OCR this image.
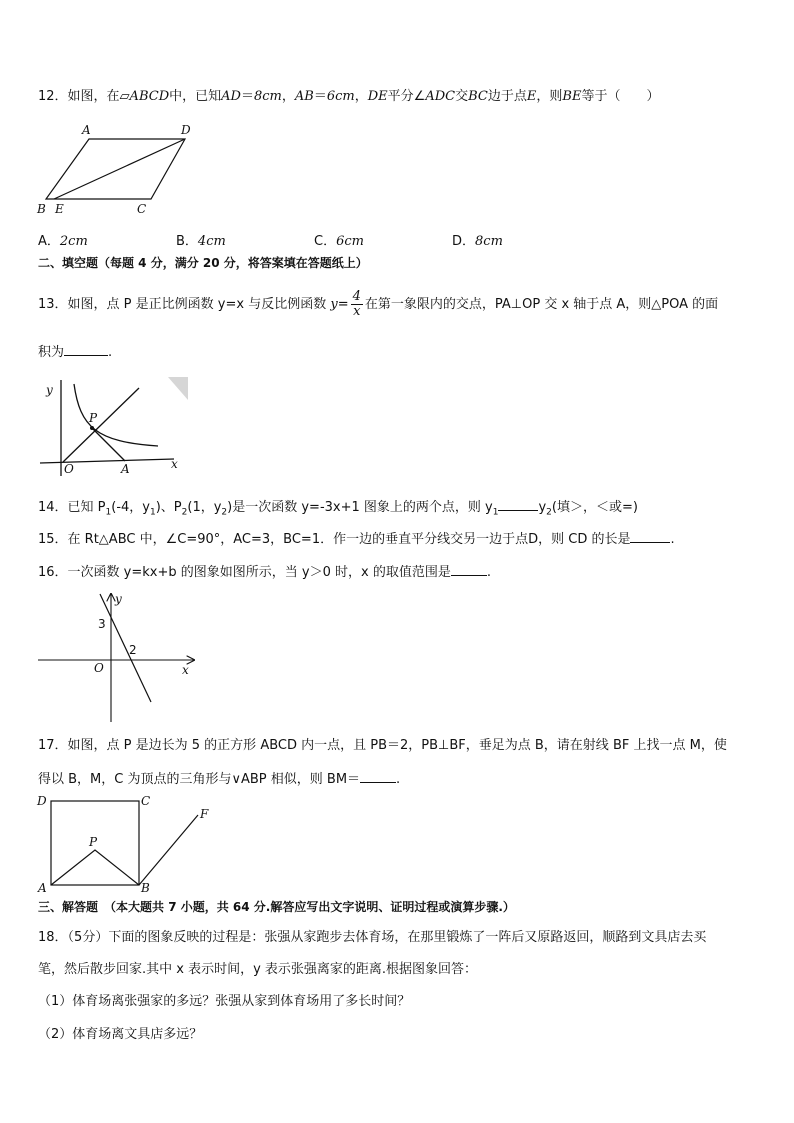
12．如图，在▱ABCD中，已知AD＝8cm，AB＝6cm，DE平分∠ADC交BC边于点E，则BE等于（　　）
A	D
B E	C
A．2cm	B．4cm	C．6cm	D．8cm
二、填空题（每题 4 分，满分 20 分，将答案填在答题纸上）
13．如图，点 P 是正比例函数 y=x 与反比例函数 $y= \frac{4}{x}$ 在第一象限内的交点，PA⊥OP 交 x 轴于点 A，则△POA 的面
积为	.
y
P
O	A	x
14．已知 $P_1(-4$，$y_1$)、$P_2(1$，$y_2$)是一次函数 y=-3x+1 图象上的两个点，则 $y_1$	$y_2$(填＞，＜或=)
15．在 Rt△ABC 中，∠C=90°，AC=3，BC=1．作一边的垂直平分线交另一边于点D，则 CD 的长是	.
16．一次函数 y=kx+b 的图象如图所示，当 y＞0 时，x 的取值范围是	.
y
3
2
O	x
17．如图，点 P 是边长为 5 的正方形 ABCD 内一点，且 PB＝2，PB⊥BF，垂足为点 B，请在射线 BF 上找一点 M，使
得以 B，M，C 为顶点的三角形与∨ABP 相似，则 BM＝	.
D	C
F
P
A	B
三、解答题　 （本大题共 7 小题，共 64 分.解答应写出文字说明、证明过程或演算步骤.）
18．（5分）下面的图象反映的过程是：张强从家跑步去体育场，在那里锻炼了一阵后又原路返回，顺路到文具店去买
笔，然后散步回家.其中 x 表示时间，y 表示张强离家的距离.根据图象回答：
（1）体育场离张强家的多远？张强从家到体育场用了多长时间？
（2）体育场离文具店多远？
